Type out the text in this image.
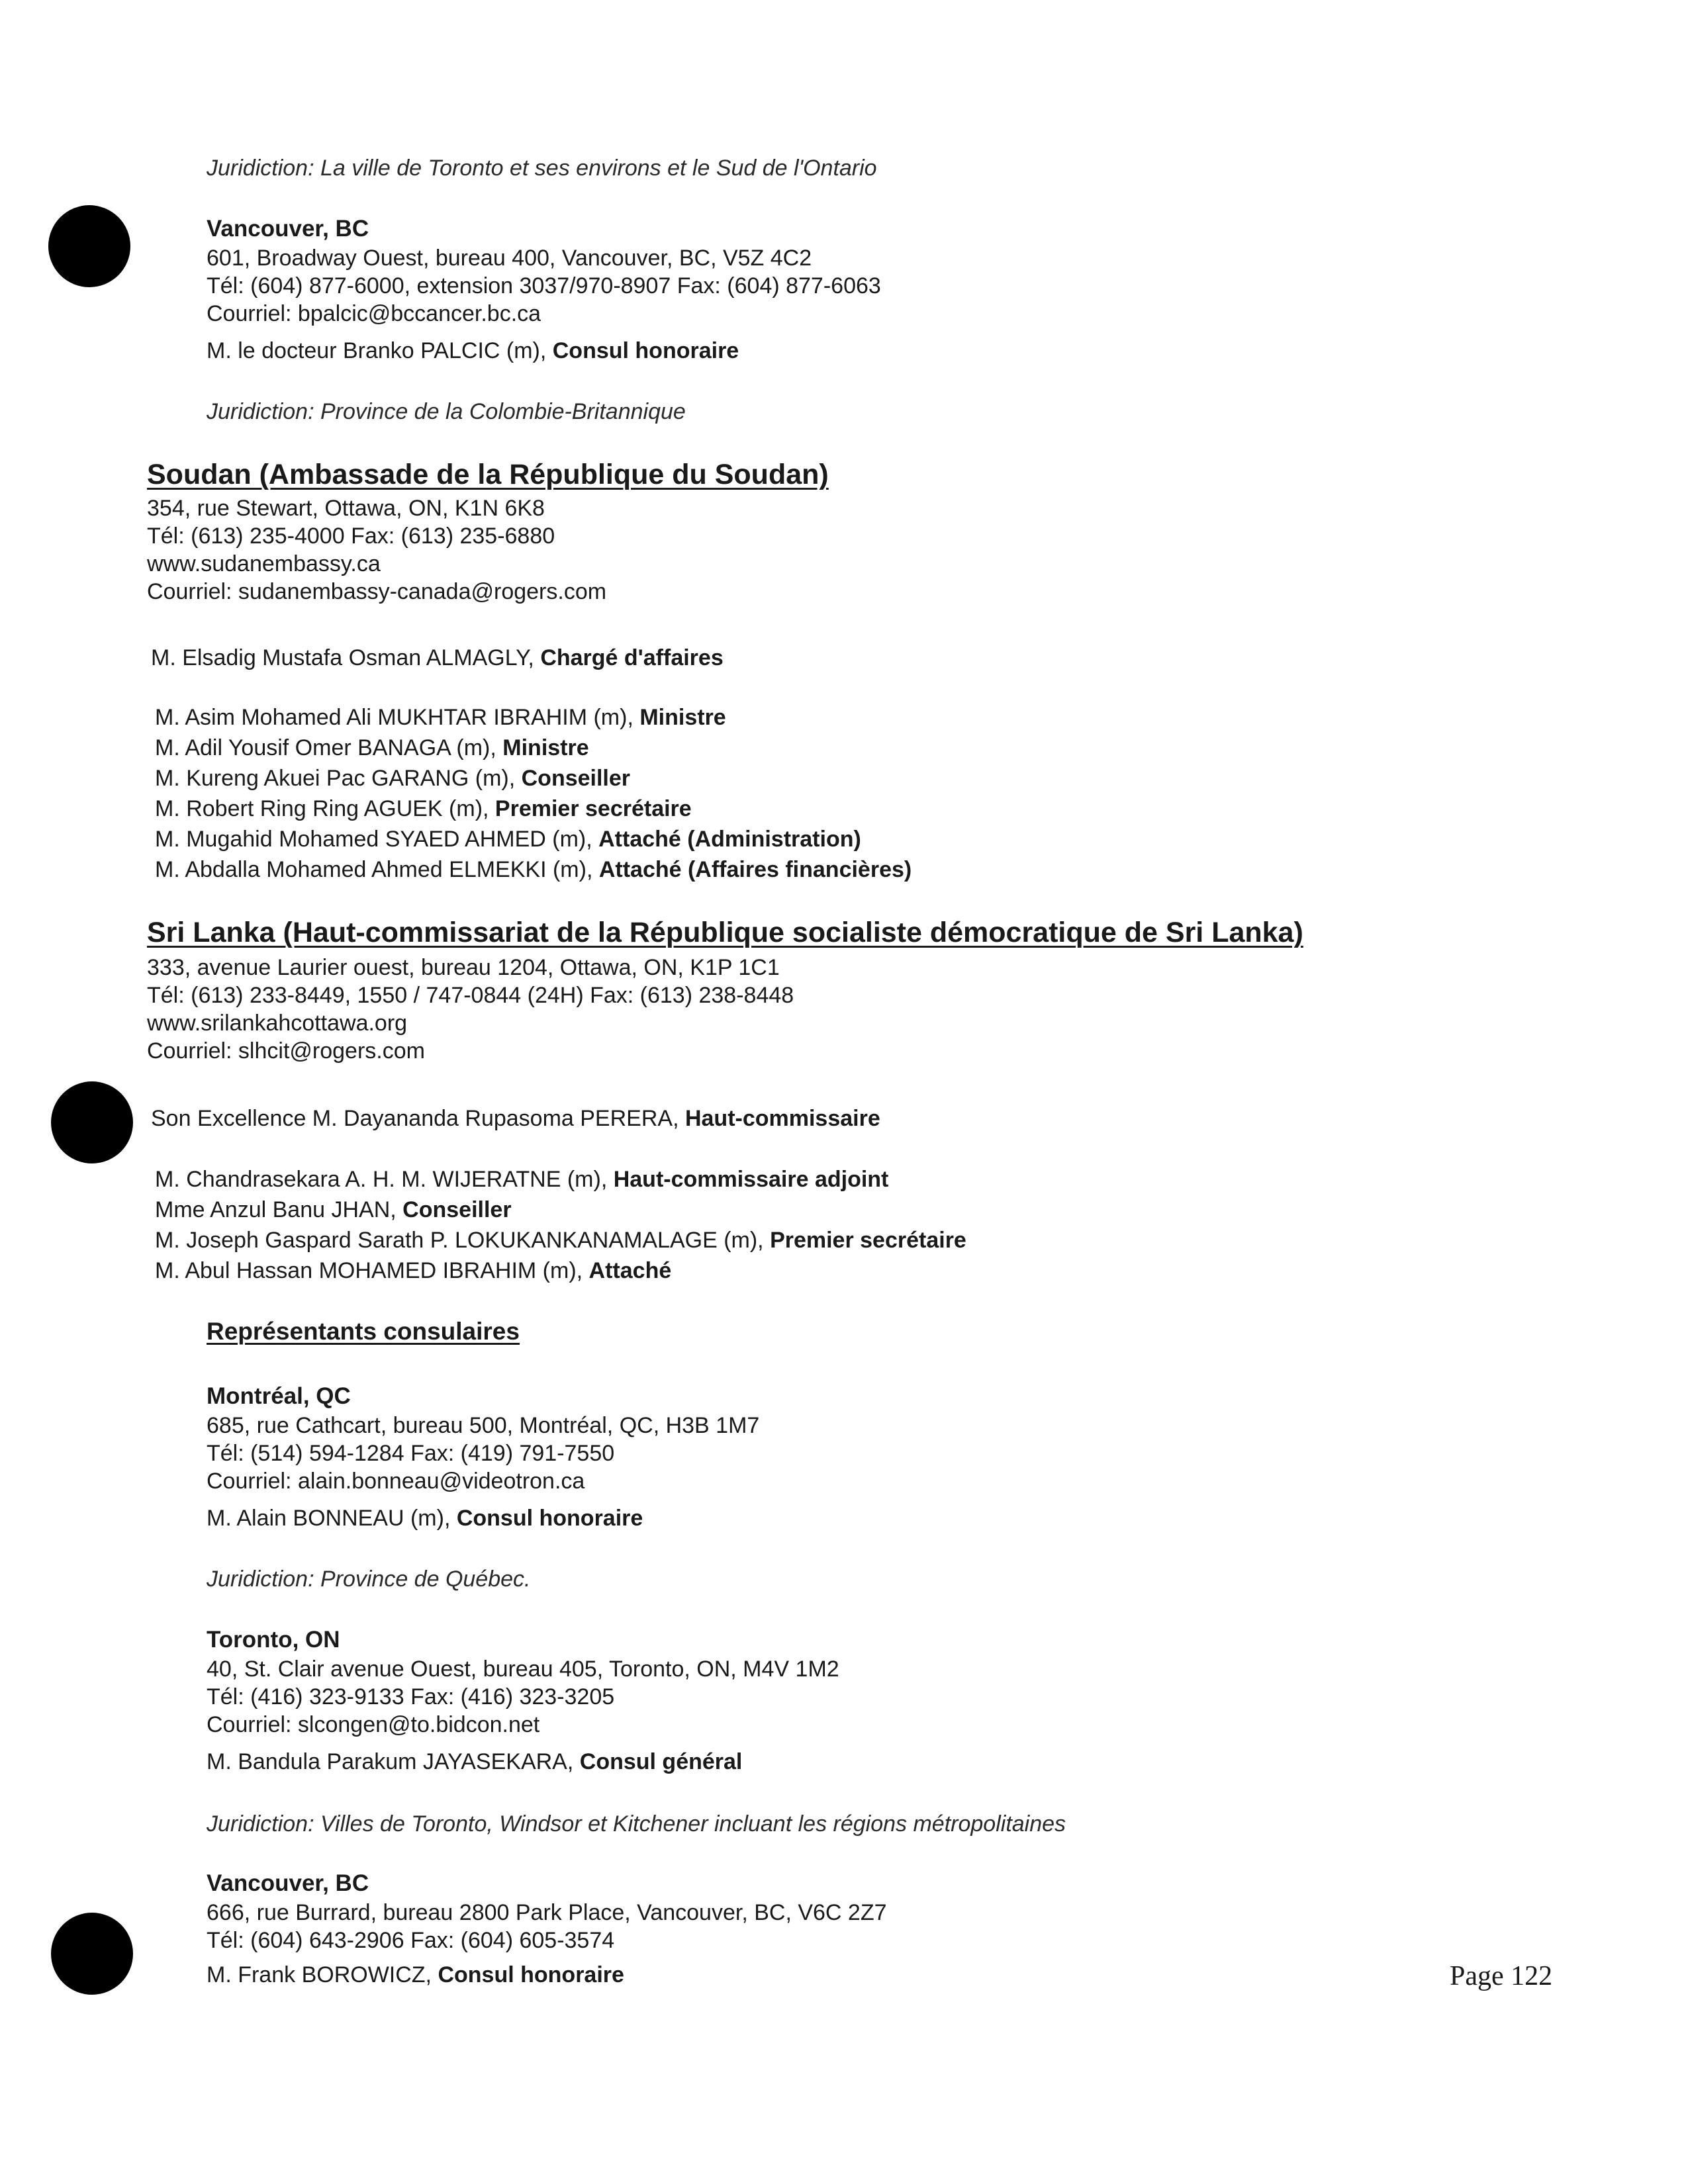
Juridiction: La ville de Toronto et ses environs et le Sud de l'Ontario
Vancouver, BC
601, Broadway Ouest, bureau 400, Vancouver, BC, V5Z 4C2
Tél: (604) 877-6000, extension 3037/970-8907 Fax: (604) 877-6063
Courriel: bpalcic@bccancer.bc.ca
M. le docteur Branko PALCIC (m), Consul honoraire
Juridiction: Province de la Colombie-Britannique
Soudan (Ambassade de la République du Soudan)
354, rue Stewart, Ottawa, ON, K1N 6K8
Tél: (613) 235-4000 Fax: (613) 235-6880
www.sudanembassy.ca
Courriel: sudanembassy-canada@rogers.com
M. Elsadig Mustafa Osman ALMAGLY, Chargé d'affaires
M. Asim Mohamed Ali MUKHTAR IBRAHIM (m), Ministre
M. Adil Yousif Omer BANAGA (m), Ministre
M. Kureng Akuei Pac GARANG (m), Conseiller
M. Robert Ring Ring AGUEK (m), Premier secrétaire
M. Mugahid Mohamed SYAED AHMED (m), Attaché (Administration)
M. Abdalla Mohamed Ahmed ELMEKKI (m), Attaché (Affaires financières)
Sri Lanka (Haut-commissariat de la République socialiste démocratique de Sri Lanka)
333, avenue Laurier ouest, bureau 1204, Ottawa, ON, K1P 1C1
Tél: (613) 233-8449, 1550 / 747-0844 (24H) Fax: (613) 238-8448
www.srilankahcottawa.org
Courriel: slhcit@rogers.com
Son Excellence M. Dayananda Rupasoma PERERA, Haut-commissaire
M. Chandrasekara A. H. M. WIJERATNE (m), Haut-commissaire adjoint
Mme Anzul Banu JHAN, Conseiller
M. Joseph Gaspard Sarath P. LOKUKANKANAMALAGE (m), Premier secrétaire
M. Abul Hassan MOHAMED IBRAHIM (m), Attaché
Représentants consulaires
Montréal, QC
685, rue Cathcart, bureau 500, Montréal, QC, H3B 1M7
Tél: (514) 594-1284 Fax: (419) 791-7550
Courriel: alain.bonneau@videotron.ca
M. Alain BONNEAU (m), Consul honoraire
Juridiction: Province de Québec.
Toronto, ON
40, St. Clair avenue Ouest, bureau 405, Toronto, ON, M4V 1M2
Tél: (416) 323-9133 Fax: (416) 323-3205
Courriel: slcongen@to.bidcon.net
M. Bandula Parakum JAYASEKARA, Consul général
Juridiction: Villes de Toronto, Windsor et Kitchener incluant les régions métropolitaines
Vancouver, BC
666, rue Burrard, bureau 2800 Park Place, Vancouver, BC, V6C 2Z7
Tél: (604) 643-2906 Fax: (604) 605-3574
M. Frank BOROWICZ, Consul honoraire	Page 122
